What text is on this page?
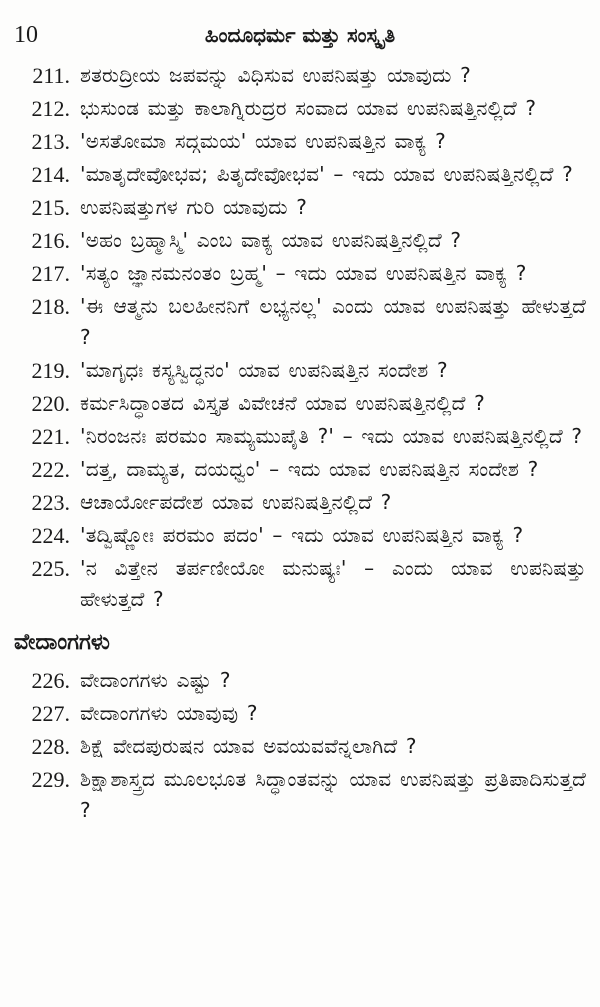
10	ಹಿಂದೂಧರ್ಮ ಮತ್ತು ಸಂಸ್ಕೃತಿ
211. ಶತರುದ್ರೀಯ ಜಪವನ್ನು ವಿಧಿಸುವ ಉಪನಿಷತ್ತು ಯಾವುದು ?
212. ಭುಸುಂಡ ಮತ್ತು ಕಾಲಾಗ್ನಿರುದ್ರರ ಸಂವಾದ ಯಾವ ಉಪನಿಷತ್ತಿನಲ್ಲಿದೆ ?
213. 'ಅಸತೋಮಾ ಸದ್ಗಮಯ' ಯಾವ ಉಪನಿಷತ್ತಿನ ವಾಕ್ಯ ?
214. 'ಮಾತೃದೇವೋಭವ; ಪಿತೃದೇವೋಭವ' – ಇದು ಯಾವ ಉಪನಿಷತ್ತಿನಲ್ಲಿದೆ ?
215. ಉಪನಿಷತ್ತುಗಳ ಗುರಿ ಯಾವುದು ?
216. 'ಅಹಂ ಬ್ರಹ್ಮಾಸ್ಮಿ' ಎಂಬ ವಾಕ್ಯ ಯಾವ ಉಪನಿಷತ್ತಿನಲ್ಲಿದೆ ?
217. 'ಸತ್ಯಂ ಜ್ಞಾನಮನಂತಂ ಬ್ರಹ್ಮ' – ಇದು ಯಾವ ಉಪನಿಷತ್ತಿನ ವಾಕ್ಯ ?
218. 'ಈ ಆತ್ಮನು ಬಲಹೀನನಿಗೆ ಲಭ್ಯನಲ್ಲ' ಎಂದು ಯಾವ ಉಪನಿಷತ್ತು ಹೇಳುತ್ತದೆ ?
219. 'ಮಾಗೃಧಃ ಕಸ್ಯಸ್ವಿದ್ಧನಂ' ಯಾವ ಉಪನಿಷತ್ತಿನ ಸಂದೇಶ ?
220. ಕರ್ಮಸಿದ್ಧಾಂತದ ವಿಸ್ತೃತ ವಿವೇಚನೆ ಯಾವ ಉಪನಿಷತ್ತಿನಲ್ಲಿದೆ ?
221. 'ನಿರಂಜನಃ ಪರಮಂ ಸಾಮ್ಯಮುಪೈತಿ ?' – ಇದು ಯಾವ ಉಪನಿಷತ್ತಿನಲ್ಲಿದೆ ?
222. 'ದತ್ತ, ದಾಮ್ಯತ, ದಯಧ್ವಂ' – ಇದು ಯಾವ ಉಪನಿಷತ್ತಿನ ಸಂದೇಶ ?
223. ಆಚಾರ್ಯೋಪದೇಶ ಯಾವ ಉಪನಿಷತ್ತಿನಲ್ಲಿದೆ ?
224. 'ತದ್ವಿಷ್ಣೋಃ ಪರಮಂ ಪದಂ' – ಇದು ಯಾವ ಉಪನಿಷತ್ತಿನ ವಾಕ್ಯ ?
225. 'ನ ವಿತ್ತೇನ ತರ್ಪಣೀಯೋ ಮನುಷ್ಯಃ' – ಎಂದು ಯಾವ ಉಪನಿಷತ್ತು ಹೇಳುತ್ತದೆ ?
ವೇದಾಂಗಗಳು
226. ವೇದಾಂಗಗಳು ಎಷ್ಟು ?
227. ವೇದಾಂಗಗಳು ಯಾವುವು ?
228. ಶಿಕ್ಷೆ ವೇದಪುರುಷನ ಯಾವ ಅವಯವವೆನ್ನಲಾಗಿದೆ ?
229. ಶಿಕ್ಷಾಶಾಸ್ತ್ರದ ಮೂಲಭೂತ ಸಿದ್ಧಾಂತವನ್ನು ಯಾವ ಉಪನಿಷತ್ತು ಪ್ರತಿಪಾದಿಸುತ್ತದೆ ?
